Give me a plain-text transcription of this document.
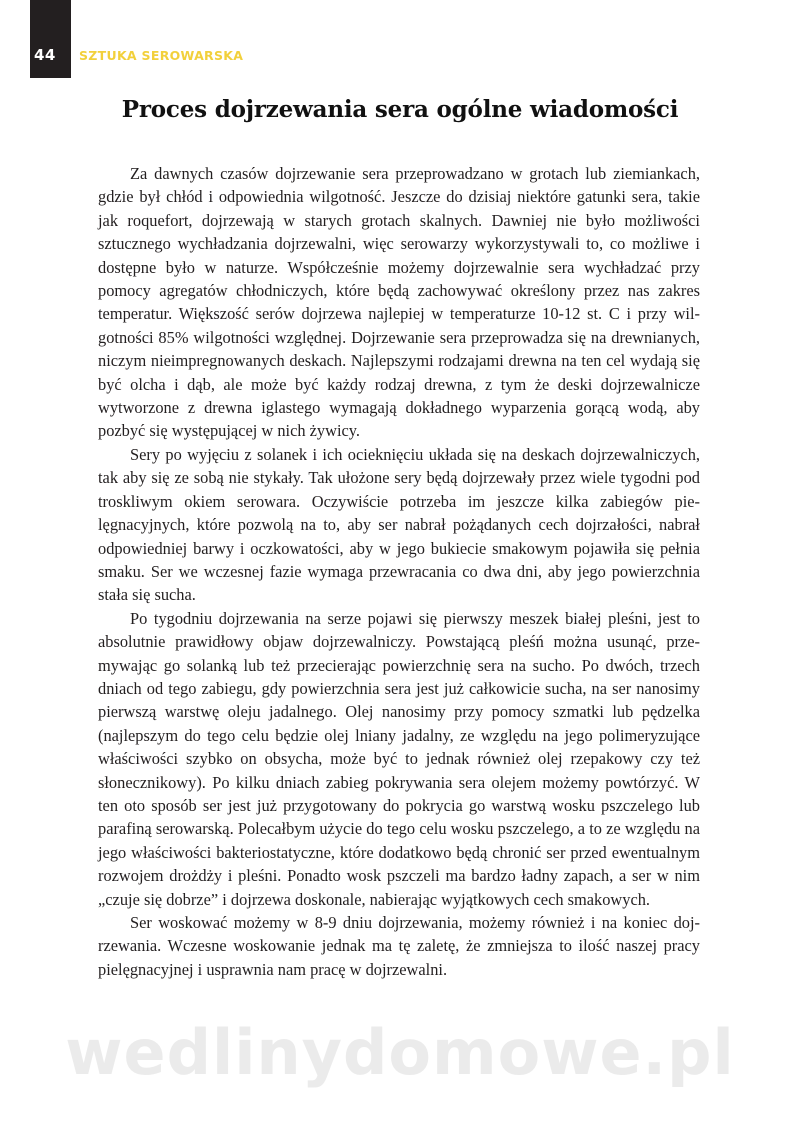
44 SZTUKA SEROWARSKA
Proces dojrzewania sera ogólne wiadomości

Za dawnych czasów dojrzewanie sera przeprowadzano w grotach lub ziemiankach, gdzie był chłód i odpowiednia wilgotność. Jeszcze do dzisiaj niektóre gatunki sera, takie jak roquefort, dojrzewają w starych grotach skalnych. Dawniej nie było możliwości sztucznego wychładzania dojrzewalni, więc serowarzy wykorzystywali to, co możliwe i dostępne było w naturze. Współcześnie możemy dojrzewalnie sera wychładzać przy pomocy agregatów chłodniczych, które będą zachowywać określony przez nas zakres temperatur. Większość serów dojrzewa najlepiej w temperaturze 10-12 st. C i przy wilgotności 85% wilgotności względnej. Dojrzewanie sera przeprowadza się na drewnianych, niczym nieimpregnowanych deskach. Najlepszymi rodzajami drewna na ten cel wydają się być olcha i dąb, ale może być każdy rodzaj drewna, z tym że deski dojrzewalnicze wytworzone z drewna iglastego wymagają dokładnego wyparzenia gorącą wodą, aby pozbyć się występującej w nich żywicy.

Sery po wyjęciu z solanek i ich ocieknięciu układa się na deskach dojrzewalniczych, tak aby się ze sobą nie stykały. Tak ułożone sery będą dojrzewały przez wiele tygodni pod troskliwym okiem serowara. Oczywiście potrzeba im jeszcze kilka zabiegów pielęgnacyjnych, które pozwolą na to, aby ser nabrał pożądanych cech dojrzałości, nabrał odpowiedniej barwy i oczkowatości, aby w jego bukiecie smakowym pojawiła się pełnia smaku. Ser we wczesnej fazie wymaga przewracania co dwa dni, aby jego powierzchnia stała się sucha.

Po tygodniu dojrzewania na serze pojawi się pierwszy meszek białej pleśni, jest to absolutnie prawidłowy objaw dojrzewalniczy. Powstającą pleśń można usunąć, przemywając go solanką lub też przecierając powierzchnię sera na sucho. Po dwóch, trzech dniach od tego zabiegu, gdy powierzchnia sera jest już całkowicie sucha, na ser nanosimy pierwszą warstwę oleju jadalnego. Olej nanosimy przy pomocy szmatki lub pędzelka (najlepszym do tego celu będzie olej lniany jadalny, ze względu na jego polimeryzujące właściwości szybko on obsycha, może być to jednak również olej rzepakowy czy też słonecznikowy). Po kilku dniach zabieg pokrywania sera olejem możemy powtórzyć. W ten oto sposób ser jest już przygotowany do pokrycia go warstwą wosku pszczelego lub parafiną serowarską. Polecałbym użycie do tego celu wosku pszczelego, a to ze względu na jego właściwości bakteriostatyczne, które dodatkowo będą chronić ser przed ewentualnym rozwojem drożdży i pleśni. Ponadto wosk pszczeli ma bardzo ładny zapach, a ser w nim „czuje się dobrze” i dojrzewa doskonale, nabierając wyjątkowych cech smakowych.

Ser woskować możemy w 8-9 dniu dojrzewania, możemy również i na koniec dojrzewania. Wczesne woskowanie jednak ma tę zaletę, że zmniejsza to ilość naszej pracy pielęgnacyjnej i usprawnia nam pracę w dojrzewalni.

wedlinydomowe.pl
